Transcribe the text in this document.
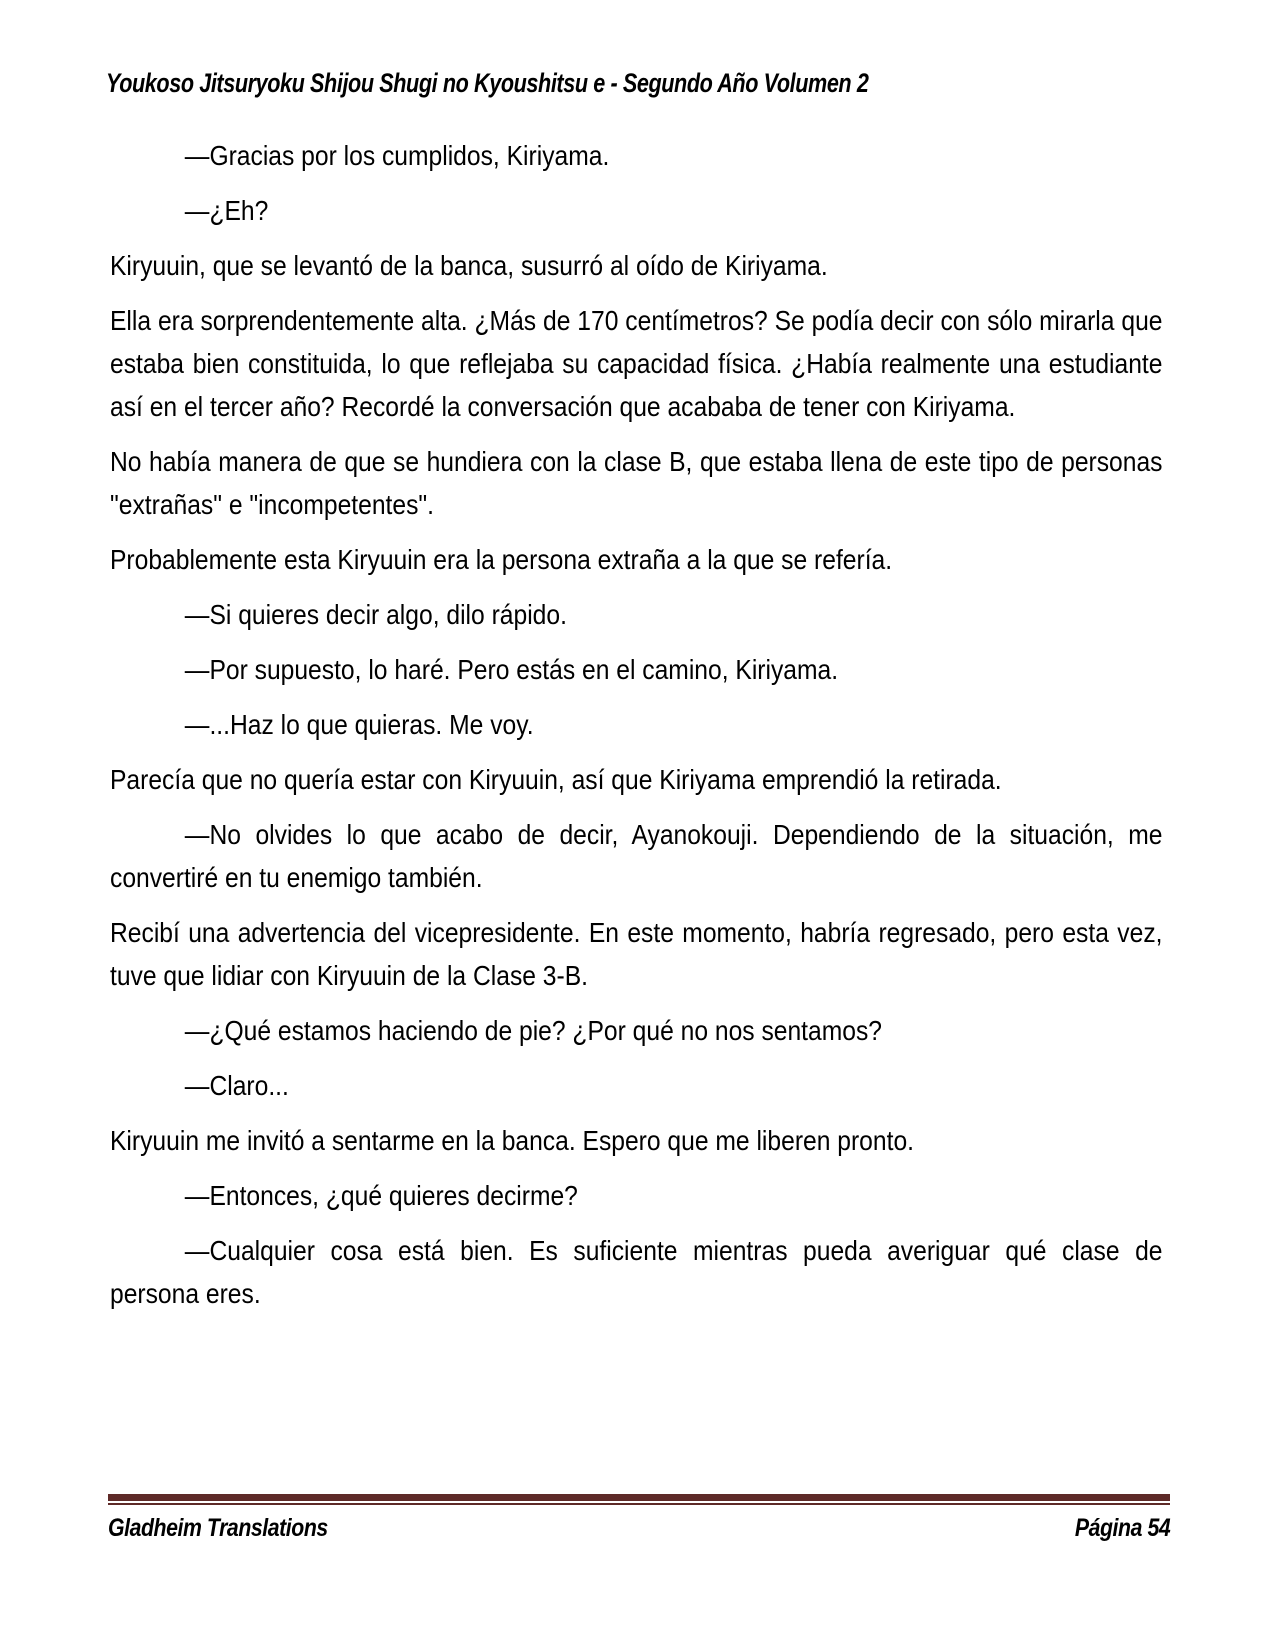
Youkoso Jitsuryoku Shijou Shugi no Kyoushitsu e - Segundo Año Volumen 2

—Gracias por los cumplidos, Kiriyama.

—¿Eh?

Kiryuuin, que se levantó de la banca, susurró al oído de Kiriyama.

Ella era sorprendentemente alta. ¿Más de 170 centímetros? Se podía decir con sólo mirarla que estaba bien constituida, lo que reflejaba su capacidad física. ¿Había realmente una estudiante así en el tercer año? Recordé la conversación que acababa de tener con Kiriyama.

No había manera de que se hundiera con la clase B, que estaba llena de este tipo de personas "extrañas" e "incompetentes".

Probablemente esta Kiryuuin era la persona extraña a la que se refería.

—Si quieres decir algo, dilo rápido.

—Por supuesto, lo haré. Pero estás en el camino, Kiriyama.

—...Haz lo que quieras. Me voy.

Parecía que no quería estar con Kiryuuin, así que Kiriyama emprendió la retirada.

—No olvides lo que acabo de decir, Ayanokouji. Dependiendo de la situación, me convertiré en tu enemigo también.

Recibí una advertencia del vicepresidente. En este momento, habría regresado, pero esta vez, tuve que lidiar con Kiryuuin de la Clase 3-B.

—¿Qué estamos haciendo de pie? ¿Por qué no nos sentamos?

—Claro...

Kiryuuin me invitó a sentarme en la banca. Espero que me liberen pronto.

—Entonces, ¿qué quieres decirme?

—Cualquier cosa está bien. Es suficiente mientras pueda averiguar qué clase de persona eres.

Gladheim Translations	Página 54
